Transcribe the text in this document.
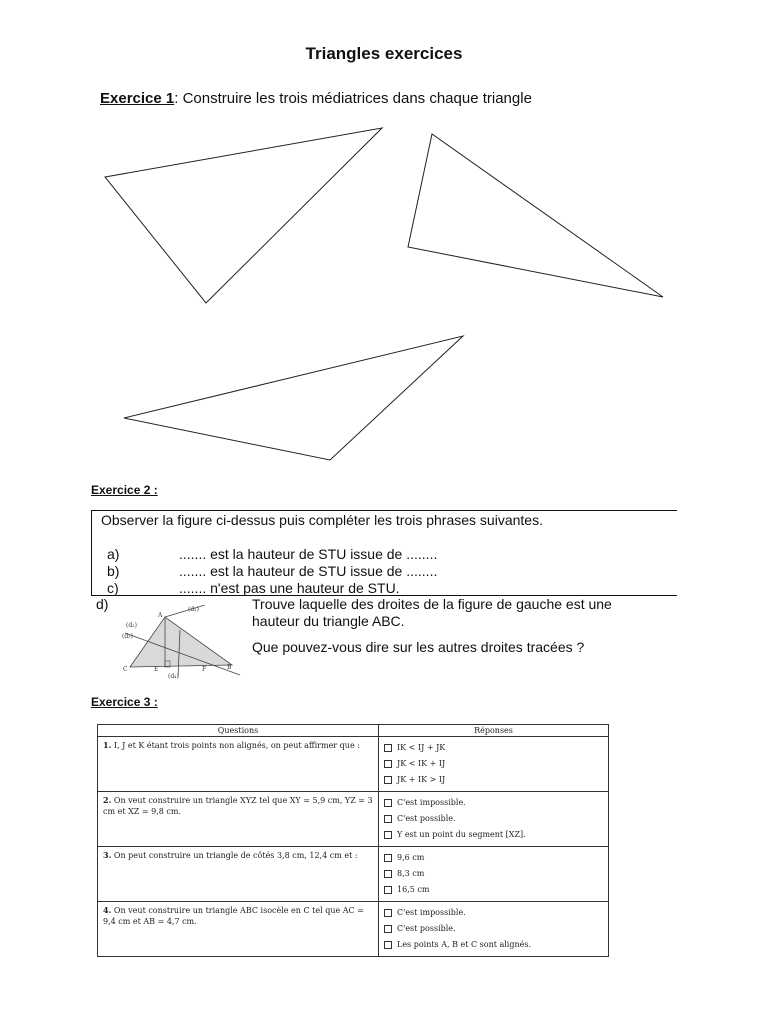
Triangles exercices
Exercice 1: Construire les trois médiatrices dans chaque triangle
Exercice 2 :
Observer la figure ci-dessus puis compléter les trois phrases suivantes.
a)	....... est la hauteur de STU issue de ........
b)	....... est la hauteur de STU issue de ........
c)	....... n'est pas une hauteur de STU.
d)	(d₁)
(d₂)
(d₃)
(d₄)
A
B
C	E	F
Trouve laquelle des droites de la figure de gauche est une hauteur du triangle ABC.
Que pouvez-vous dire sur les autres droites tracées ?
Exercice 3 :
Questions	Réponses
1. I, J et K étant trois points non alignés, on peut affirmer que :	IK < IJ + JK
JK < IK + IJ
JK + IK > IJ

2. On veut construire un triangle XYZ tel que XY = 5,9 cm, YZ = 3 cm et XZ = 9,8 cm.	C'est impossible.
C'est possible.
Y est un point du segment [XZ].

3. On peut construire un triangle de côtés 3,8 cm, 12,4 cm et :	9,6 cm
8,3 cm
16,5 cm

4. On veut construire un triangle ABC isocèle en C tel que AC = 9,4 cm et AB = 4,7 cm.	C'est impossible.
C'est possible.
Les points A, B et C sont alignés.
